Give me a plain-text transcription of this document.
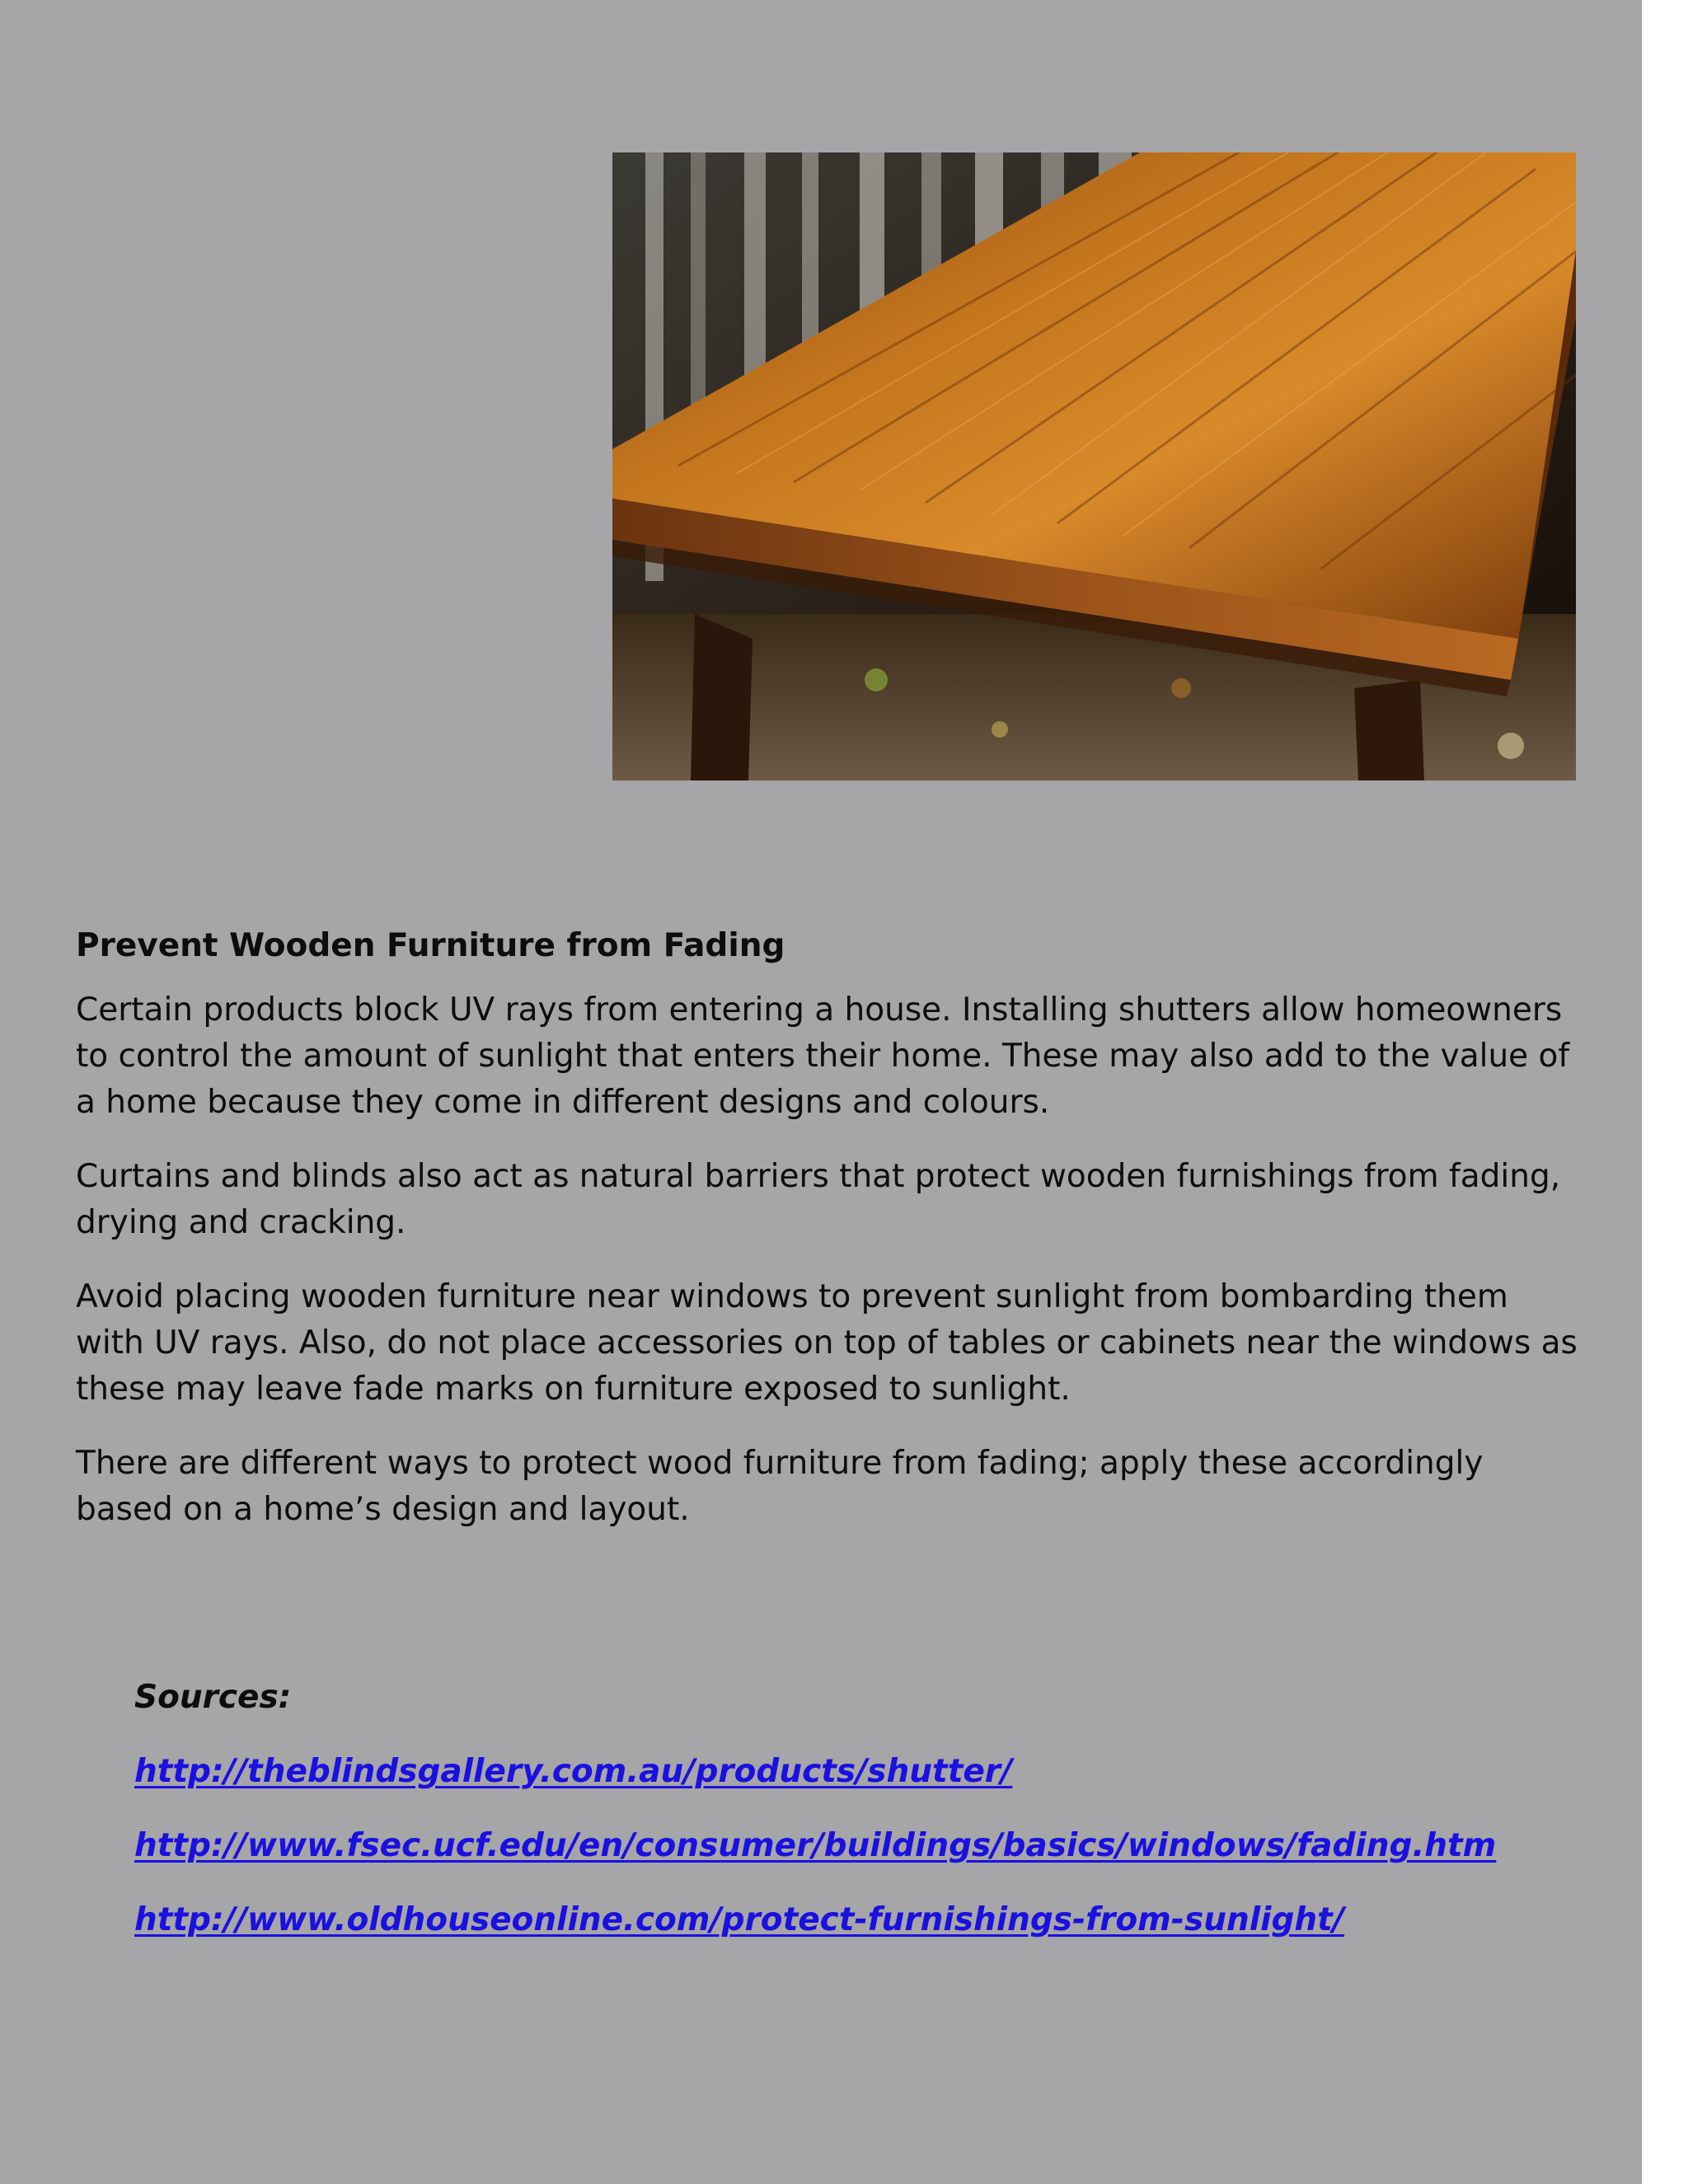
Prevent Wooden Furniture from Fading

Certain products block UV rays from entering a house. Installing shutters allow homeowners to control the amount of sunlight that enters their home. These may also add to the value of a home because they come in different designs and colours.

Curtains and blinds also act as natural barriers that protect wooden furnishings from fading, drying and cracking.

Avoid placing wooden furniture near windows to prevent sunlight from bombarding them with UV rays. Also, do not place accessories on top of tables or cabinets near the windows as these may leave fade marks on furniture exposed to sunlight.

There are different ways to protect wood furniture from fading; apply these accordingly based on a home’s design and layout.

Sources:
http://theblindsgallery.com.au/products/shutter/
http://www.fsec.ucf.edu/en/consumer/buildings/basics/windows/fading.htm
http://www.oldhouseonline.com/protect-furnishings-from-sunlight/
